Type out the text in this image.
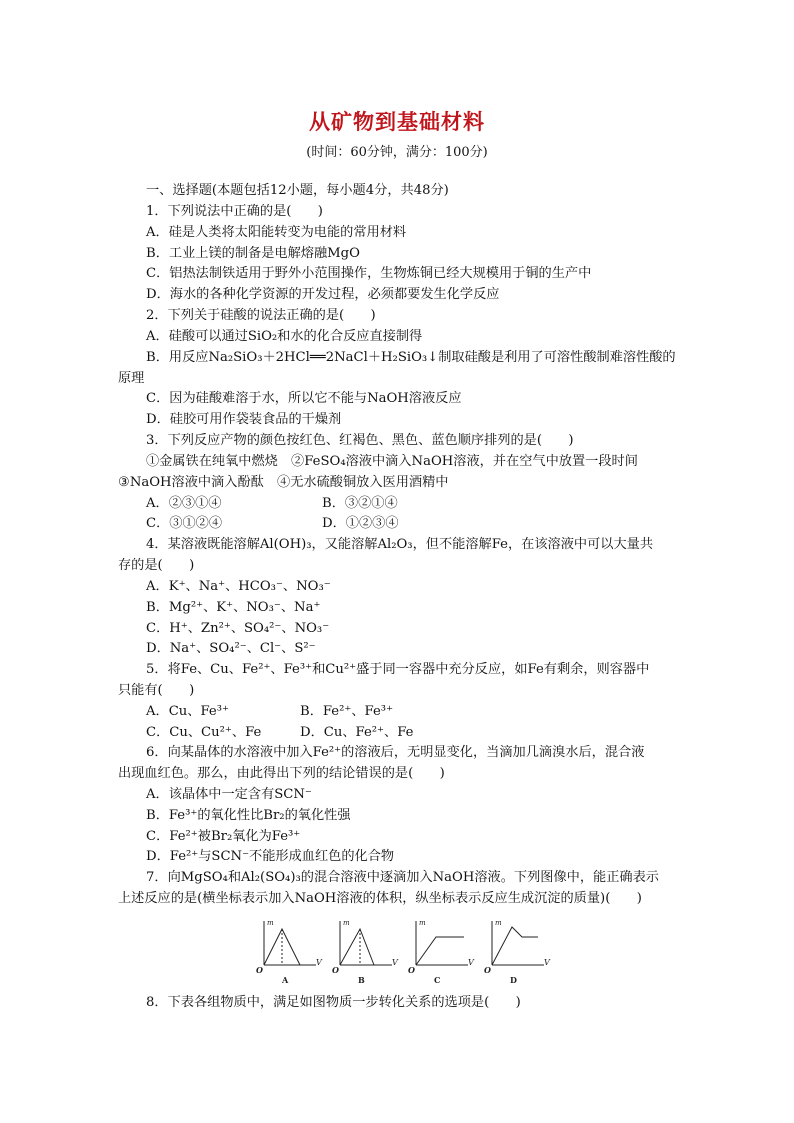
从矿物到基础材料
(时间：60分钟，满分：100分)
一、选择题(本题包括12小题，每小题4分，共48分)
1．下列说法中正确的是(　　)
A．硅是人类将太阳能转变为电能的常用材料
B．工业上镁的制备是电解熔融MgO
C．铝热法制铁适用于野外小范围操作，生物炼铜已经大规模用于铜的生产中
D．海水的各种化学资源的开发过程，必须都要发生化学反应
2．下列关于硅酸的说法正确的是(　　)
A．硅酸可以通过SiO₂和水的化合反应直接制得
B．用反应Na₂SiO₃＋2HCl══2NaCl＋H₂SiO₃↓制取硅酸是利用了可溶性酸制难溶性酸的
原理
C．因为硅酸难溶于水，所以它不能与NaOH溶液反应
D．硅胶可用作袋装食品的干燥剂
3．下列反应产物的颜色按红色、红褐色、黑色、蓝色顺序排列的是(　　)
①金属铁在纯氧中燃烧　②FeSO₄溶液中滴入NaOH溶液，并在空气中放置一段时间
③NaOH溶液中滴入酚酞　④无水硫酸铜放入医用酒精中
A．②③①④	B．③②①④
C．③①②④	D．①②③④
4．某溶液既能溶解Al(OH)₃，又能溶解Al₂O₃，但不能溶解Fe，在该溶液中可以大量共
存的是(　　)
A．K⁺、Na⁺、HCO₃⁻、NO₃⁻
B．Mg²⁺、K⁺、NO₃⁻、Na⁺
C．H⁺、Zn²⁺、SO₄²⁻、NO₃⁻
D．Na⁺、SO₄²⁻、Cl⁻、S²⁻
5．将Fe、Cu、Fe²⁺、Fe³⁺和Cu²⁺盛于同一容器中充分反应，如Fe有剩余，则容器中
只能有(　　)
A．Cu、Fe³⁺	B．Fe²⁺、Fe³⁺
C．Cu、Cu²⁺、Fe	D．Cu、Fe²⁺、Fe
6．向某晶体的水溶液中加入Fe²⁺的溶液后，无明显变化，当滴加几滴溴水后，混合液
出现血红色。那么，由此得出下列的结论错误的是(　　)
A．该晶体中一定含有SCN⁻
B．Fe³⁺的氧化性比Br₂的氧化性强
C．Fe²⁺被Br₂氧化为Fe³⁺
D．Fe²⁺与SCN⁻不能形成血红色的化合物
7．向MgSO₄和Al₂(SO₄)₃的混合溶液中逐滴加入NaOH溶液。下列图像中，能正确表示
上述反应的是(横坐标表示加入NaOH溶液的体积，纵坐标表示反应生成沉淀的质量)(　　)
O
V
m
A
O
V
m
B
O
V
m
C
O
V
m
D
8．下表各组物质中，满足如图物质一步转化关系的选项是(　　)
